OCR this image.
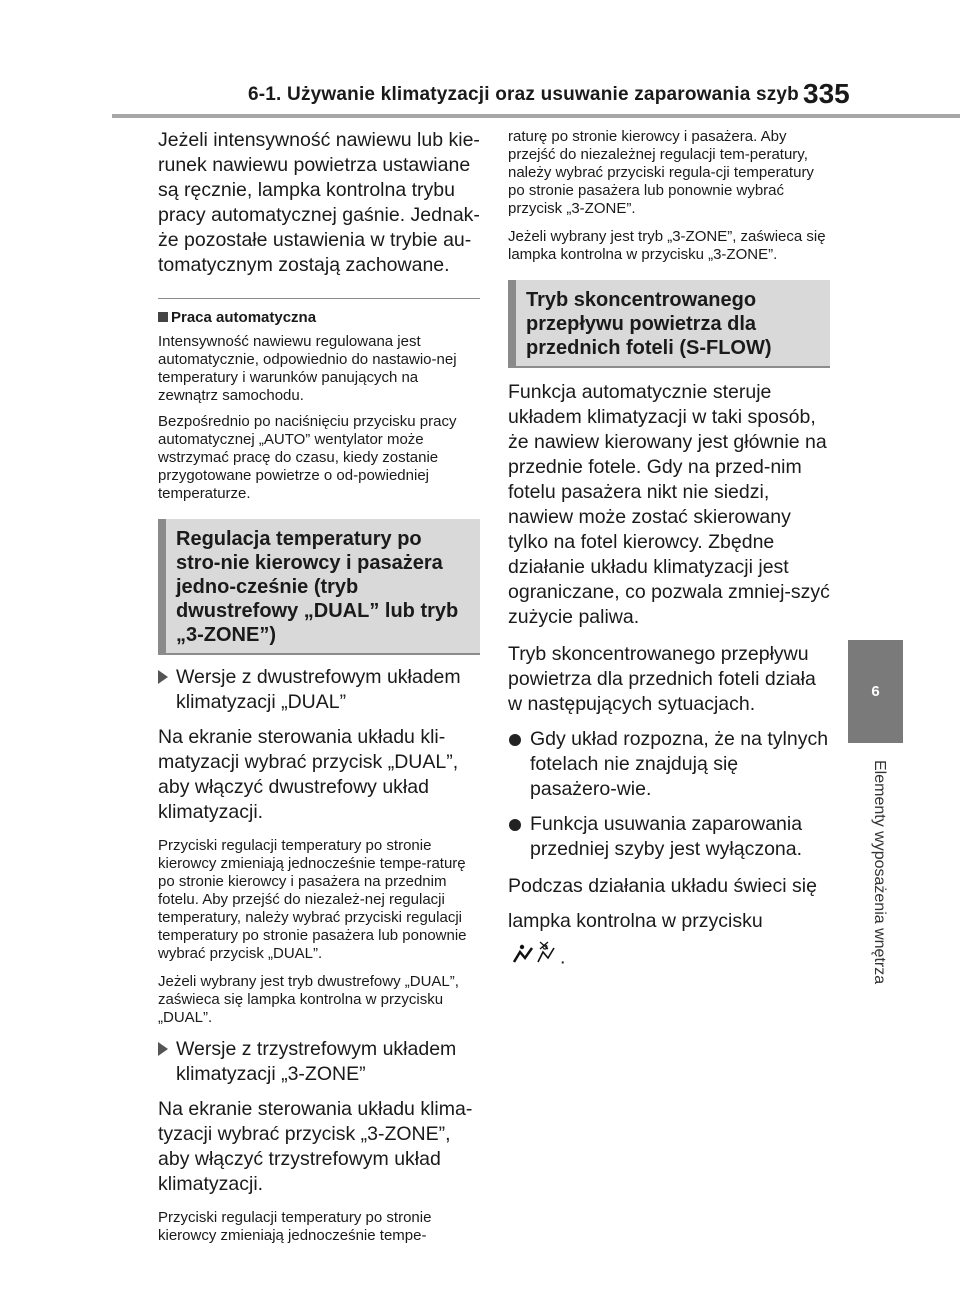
6-1. Używanie klimatyzacji oraz usuwanie zaparowania szyb 335
6
Elementy wyposażenia wnętrza

Jeżeli intensywność nawiewu lub kie-runek nawiewu powietrza ustawiane są ręcznie, lampka kontrolna trybu pracy automatycznej gaśnie. Jednak-że pozostałe ustawienia w trybie au-tomatycznym zostają zachowane.

Praca automatyczna

Intensywność nawiewu regulowana jest automatycznie, odpowiednio do nastawio-nej temperatury i warunków panujących na zewnątrz samochodu.

Bezpośrednio po naciśnięciu przycisku pracy automatycznej „AUTO” wentylator może wstrzymać pracę do czasu, kiedy zostanie przygotowane powietrze o od-powiedniej temperaturze.

Regulacja temperatury po stro-nie kierowcy i pasażera jedno-cześnie (tryb dwustrefowy „DUAL” lub tryb „3-ZONE”)
Wersje z dwustrefowym układem klimatyzacji „DUAL”

Na ekranie sterowania układu kli-matyzacji wybrać przycisk „DUAL”, aby włączyć dwustrefowy układ klimatyzacji.

Przyciski regulacji temperatury po stronie kierowcy zmieniają jednocześnie tempe-raturę po stronie kierowcy i pasażera na przednim fotelu. Aby przejść do niezależ-nej regulacji temperatury, należy wybrać przyciski regulacji temperatury po stronie pasażera lub ponownie wybrać przycisk „DUAL”.

Jeżeli wybrany jest tryb dwustrefowy „DUAL”, zaświeca się lampka kontrolna w przycisku „DUAL”.

Wersje z trzystrefowym układem klimatyzacji „3-ZONE”

Na ekranie sterowania układu klima-tyzacji wybrać przycisk „3-ZONE”, aby włączyć trzystrefowym układ klimatyzacji.

Przyciski regulacji temperatury po stronie kierowcy zmieniają jednocześnie tempe-

raturę po stronie kierowcy i pasażera. Aby przejść do niezależnej regulacji tem-peratury, należy wybrać przyciski regula-cji temperatury po stronie pasażera lub ponownie wybrać przycisk „3-ZONE”.

Jeżeli wybrany jest tryb „3-ZONE”, zaświeca się lampka kontrolna w przycisku „3-ZONE”.

Tryb skoncentrowanego przepływu powietrza dla przednich foteli (S-FLOW)

Funkcja automatycznie steruje układem klimatyzacji w taki sposób, że nawiew kierowany jest głównie na przednie fotele. Gdy na przed-nim fotelu pasażera nikt nie siedzi, nawiew może zostać skierowany tylko na fotel kierowcy. Zbędne działanie układu klimatyzacji jest ograniczane, co pozwala zmniej-szyć zużycie paliwa.

Tryb skoncentrowanego przepływu powietrza dla przednich foteli działa w następujących sytuacjach.

Gdy układ rozpozna, że na tylnych fotelach nie znajdują się pasażero-wie.
Funkcja usuwania zaparowania przedniej szyby jest wyłączona.

Podczas działania układu świeci się

lampka kontrolna w przycisku

.
